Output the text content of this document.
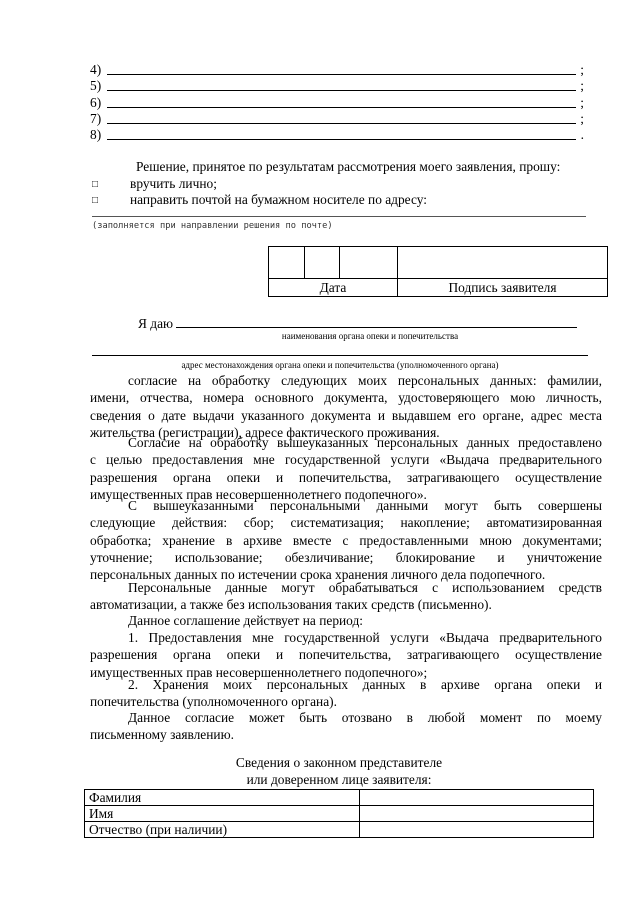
4)	;
5)	;
6)	;
7)	;
8)	.
Решение, принятое по результатам рассмотрения моего заявления, прошу:
□ вручить лично;
□ направить почтой на бумажном носителе по адресу:
(заполняется при направлении решения по почте)

Дата			Подпись заявителя
Я даю
наименования органа опеки и попечительства
адрес местонахождения органа опеки и попечительства (уполномоченного органа)
согласие на обработку следующих моих персональных данных: фамилии,
имени, отчества, номера основного документа, удостоверяющего мою личность,
сведения о дате выдачи указанного документа и выдавшем его органе, адрес места
жительства (регистрации), адресе фактического проживания.
Согласие на обработку вышеуказанных персональных данных предоставлено
с целью предоставления мне государственной услуги «Выдача предварительного
разрешения органа опеки и попечительства, затрагивающего осуществление
имущественных прав несовершеннолетнего подопечного».
С вышеуказанными персональными данными могут быть совершены
следующие действия: сбор; систематизация; накопление; автоматизированная
обработка; хранение в архиве вместе с предоставленными мною документами;
уточнение; использование; обезличивание; блокирование и уничтожение
персональных данных по истечении срока хранения личного дела подопечного.
Персональные данные могут обрабатываться с использованием средств
автоматизации, а также без использования таких средств (письменно).
Данное соглашение действует на период:
1. Предоставления мне государственной услуги «Выдача предварительного
разрешения органа опеки и попечительства, затрагивающего осуществление
имущественных прав несовершеннолетнего подопечного»;
2. Хранения моих персональных данных в архиве органа опеки и
попечительства (уполномоченного органа).
Данное согласие может быть отозвано в любой момент по моему
письменному заявлению.
Сведения о законном представителе
или доверенном лице заявителя:
Фамилия	
Имя	
Отчество (при наличии)	
